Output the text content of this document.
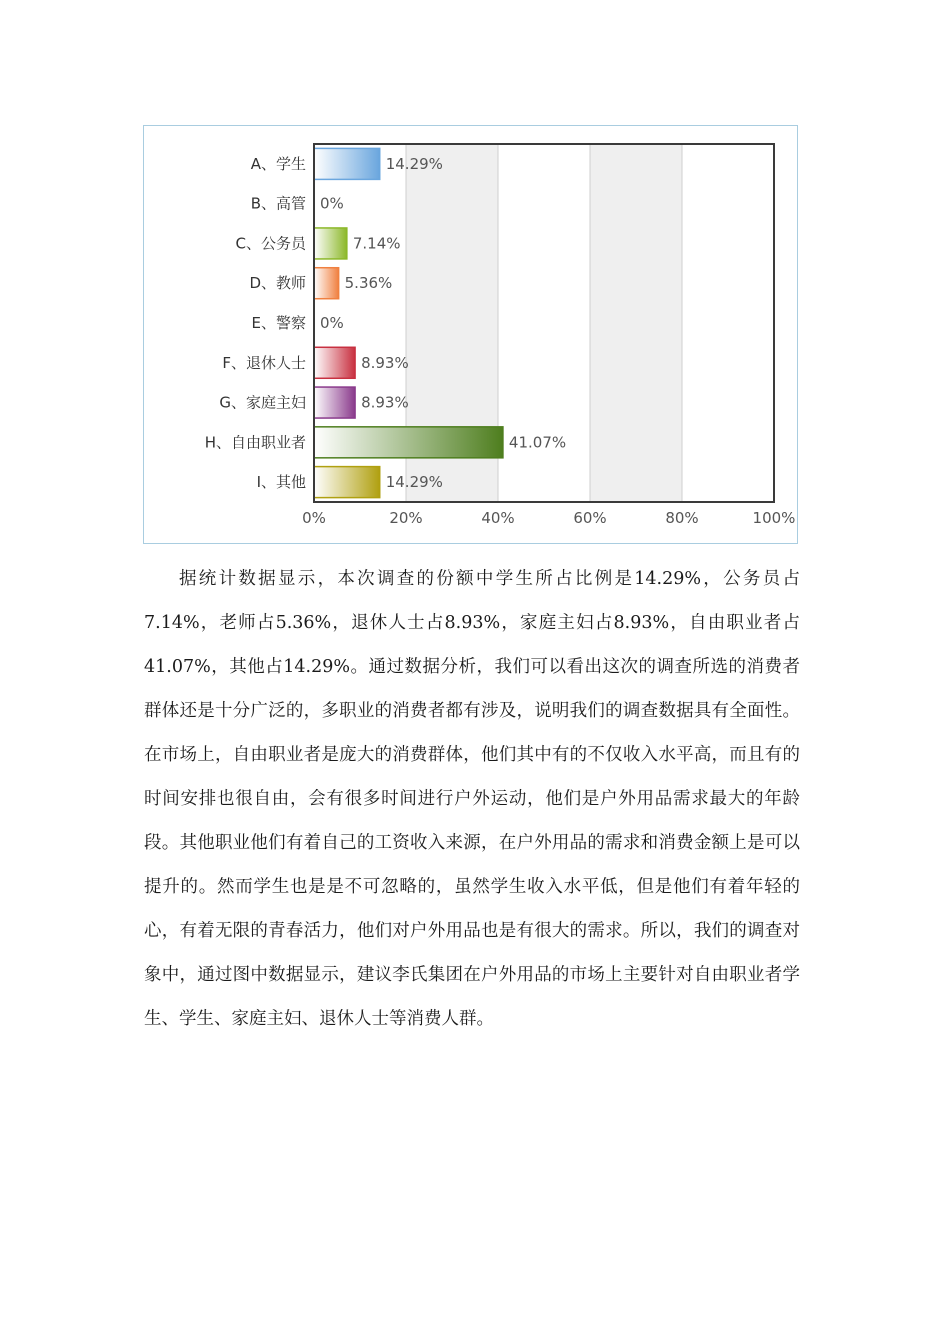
A、学生	14.29%
B、高管 0%
C、公务员	7.14%
D、教师	5.36%
E、警察 0%
F、退休人士	8.93%
G、家庭主妇	8.93%
H、自由职业者	41.07%
I、其他	14.29%
0%	20%	40%	60%	80%	100%

据统计数据显示，本次调查的份额中学生所占比例是14.29%，公务员占7.14%，老师占5.36%，退休人士占8.93%，家庭主妇占8.93%，自由职业者占41.07%，其他占14.29%。通过数据分析，我们可以看出这次的调查所选的消费者群体还是十分广泛的，多职业的消费者都有涉及，说明我们的调查数据具有全面性。在市场上，自由职业者是庞大的消费群体，他们其中有的不仅收入水平高，而且有的时间安排也很自由，会有很多时间进行户外运动，他们是户外用品需求最大的年龄段。其他职业他们有着自己的工资收入来源，在户外用品的需求和消费金额上是可以提升的。然而学生也是是不可忽略的，虽然学生收入水平低，但是他们有着年轻的心，有着无限的青春活力，他们对户外用品也是有很大的需求。所以，我们的调查对象中，通过图中数据显示，建议李氏集团在户外用品的市场上主要针对自由职业者学生、学生、家庭主妇、退休人士等消费人群。
